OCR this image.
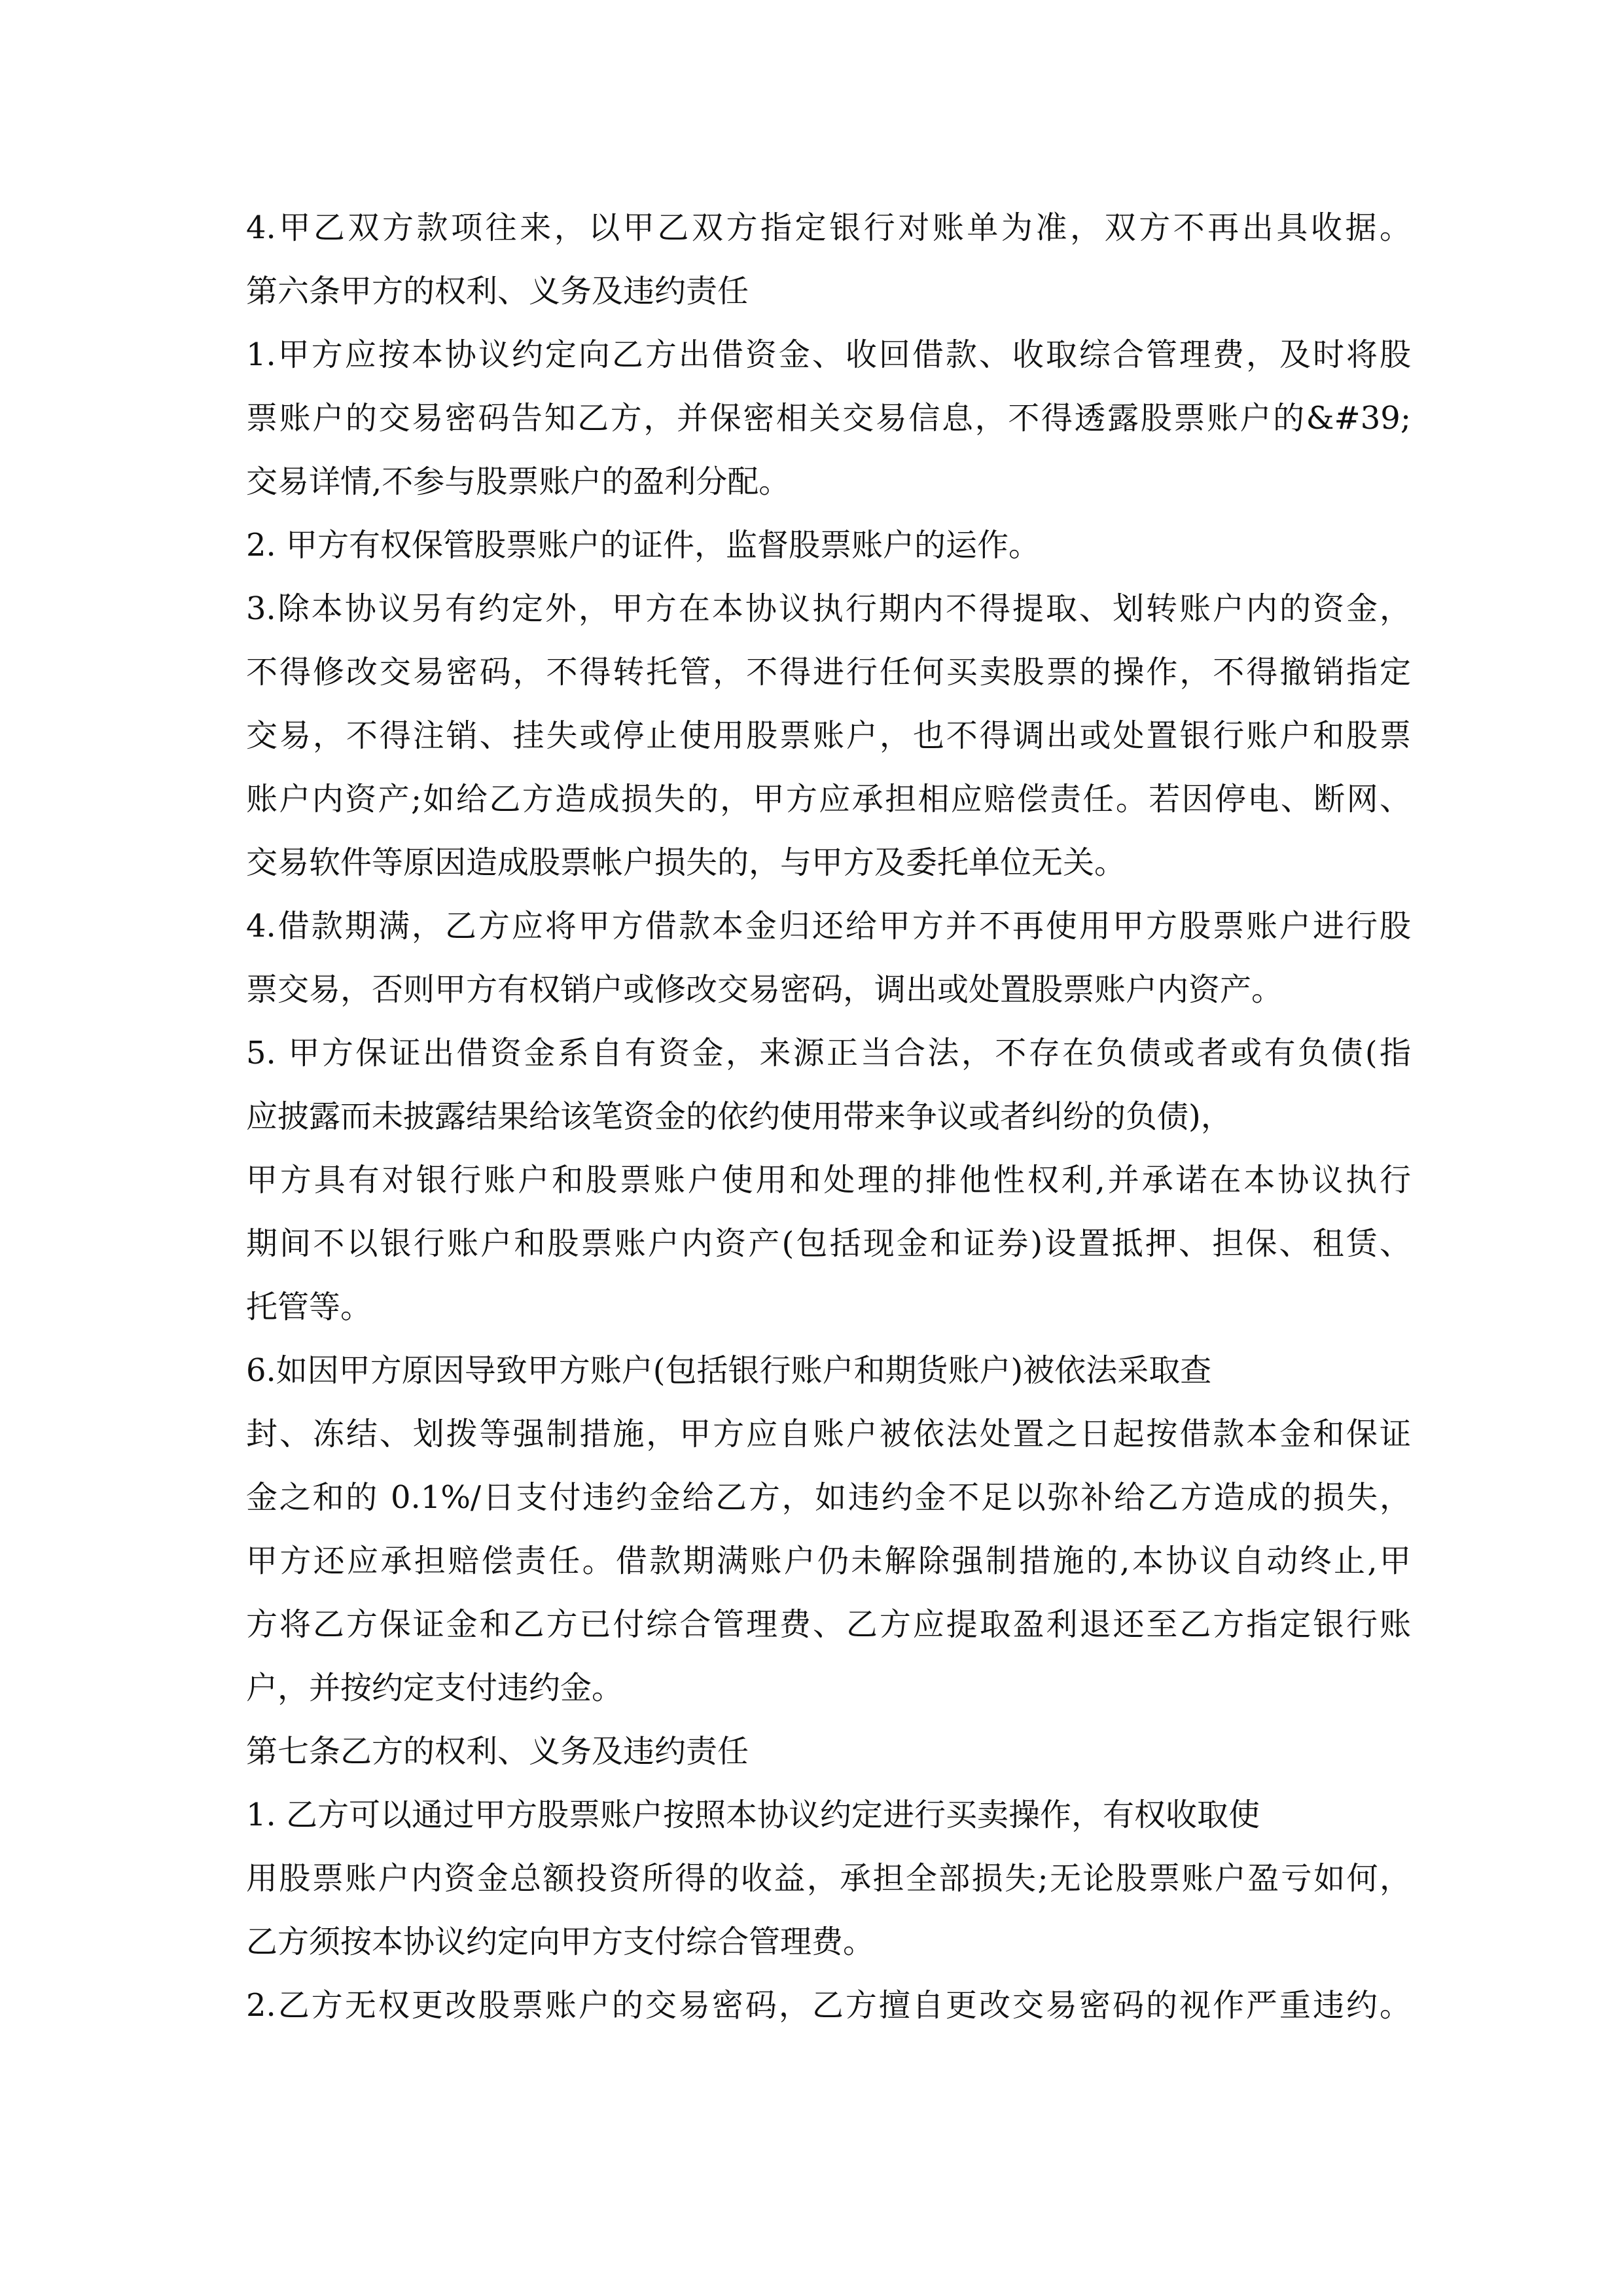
4.甲乙双方款项往来，以甲乙双方指定银行对账单为准，双方不再出具收据。
第六条甲方的权利、义务及违约责任
1.甲方应按本协议约定向乙方出借资金、收回借款、收取综合管理费，及时将股
票账户的交易密码告知乙方，并保密相关交易信息，不得透露股票账户的&#39;
交易详情,不参与股票账户的盈利分配。
2. 甲方有权保管股票账户的证件，监督股票账户的运作。
3.除本协议另有约定外，甲方在本协议执行期内不得提取、划转账户内的资金，
不得修改交易密码，不得转托管，不得进行任何买卖股票的操作，不得撤销指定
交易，不得注销、挂失或停止使用股票账户，也不得调出或处置银行账户和股票
账户内资产;如给乙方造成损失的，甲方应承担相应赔偿责任。若因停电、断网、
交易软件等原因造成股票帐户损失的，与甲方及委托单位无关。
4.借款期满，乙方应将甲方借款本金归还给甲方并不再使用甲方股票账户进行股
票交易，否则甲方有权销户或修改交易密码，调出或处置股票账户内资产。
5. 甲方保证出借资金系自有资金，来源正当合法，不存在负债或者或有负债(指
应披露而未披露结果给该笔资金的依约使用带来争议或者纠纷的负债)，
甲方具有对银行账户和股票账户使用和处理的排他性权利,并承诺在本协议执行
期间不以银行账户和股票账户内资产(包括现金和证券)设置抵押、担保、租赁、
托管等。
6.如因甲方原因导致甲方账户(包括银行账户和期货账户)被依法采取查
封、冻结、划拨等强制措施，甲方应自账户被依法处置之日起按借款本金和保证
金之和的 0.1%/日支付违约金给乙方，如违约金不足以弥补给乙方造成的损失，
甲方还应承担赔偿责任。借款期满账户仍未解除强制措施的,本协议自动终止,甲
方将乙方保证金和乙方已付综合管理费、乙方应提取盈利退还至乙方指定银行账
户，并按约定支付违约金。
第七条乙方的权利、义务及违约责任
1. 乙方可以通过甲方股票账户按照本协议约定进行买卖操作，有权收取使
用股票账户内资金总额投资所得的收益，承担全部损失;无论股票账户盈亏如何，
乙方须按本协议约定向甲方支付综合管理费。
2.乙方无权更改股票账户的交易密码，乙方擅自更改交易密码的视作严重违约。
